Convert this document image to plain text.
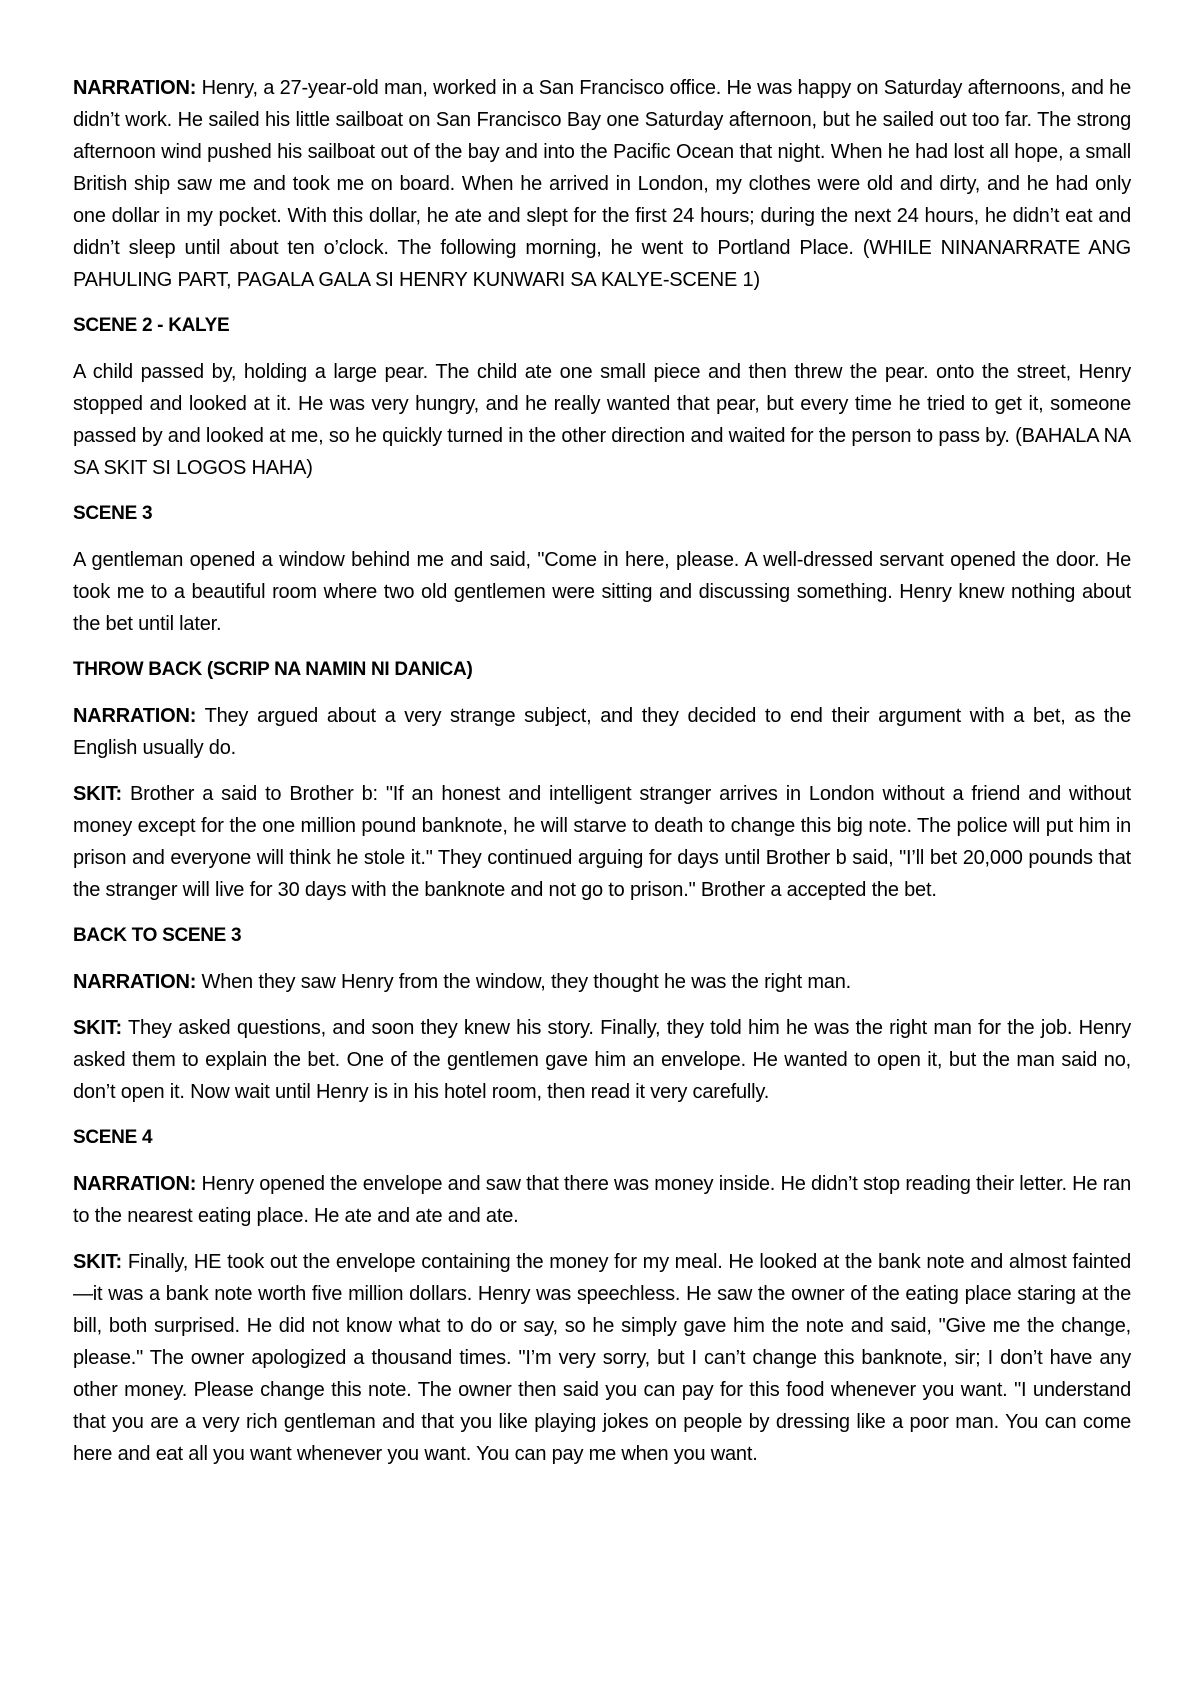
NARRATION: Henry, a 27-year-old man, worked in a San Francisco office. He was happy on Saturday afternoons, and he didn’t work. He sailed his little sailboat on San Francisco Bay one Saturday afternoon, but he sailed out too far. The strong afternoon wind pushed his sailboat out of the bay and into the Pacific Ocean that night. When he had lost all hope, a small British ship saw me and took me on board. When he arrived in London, my clothes were old and dirty, and he had only one dollar in my pocket. With this dollar, he ate and slept for the first 24 hours; during the next 24 hours, he didn’t eat and didn’t sleep until about ten o’clock. The following morning, he went to Portland Place. (WHILE NINANARRATE ANG PAHULING PART, PAGALA GALA SI HENRY KUNWARI SA KALYE-SCENE 1)

SCENE 2 - KALYE

A child passed by, holding a large pear. The child ate one small piece and then threw the pear. onto the street, Henry stopped and looked at it. He was very hungry, and he really wanted that pear, but every time he tried to get it, someone passed by and looked at me, so he quickly turned in the other direction and waited for the person to pass by. (BAHALA NA SA SKIT SI LOGOS HAHA)

SCENE 3

A gentleman opened a window behind me and said, "Come in here, please. A well-dressed servant opened the door. He took me to a beautiful room where two old gentlemen were sitting and discussing something. Henry knew nothing about the bet until later.

THROW BACK (SCRIP NA NAMIN NI DANICA)

NARRATION: They argued about a very strange subject, and they decided to end their argument with a bet, as the English usually do.

SKIT: Brother a said to Brother b: "If an honest and intelligent stranger arrives in London without a friend and without money except for the one million pound banknote, he will starve to death to change this big note. The police will put him in prison and everyone will think he stole it." They continued arguing for days until Brother b said, "I’ll bet 20,000 pounds that the stranger will live for 30 days with the banknote and not go to prison." Brother a accepted the bet.

BACK TO SCENE 3

NARRATION: When they saw Henry from the window, they thought he was the right man.

SKIT: They asked questions, and soon they knew his story. Finally, they told him he was the right man for the job. Henry asked them to explain the bet. One of the gentlemen gave him an envelope. He wanted to open it, but the man said no, don’t open it. Now wait until Henry is in his hotel room, then read it very carefully.

SCENE 4

NARRATION: Henry opened the envelope and saw that there was money inside. He didn’t stop reading their letter. He ran to the nearest eating place. He ate and ate and ate.

SKIT: Finally, HE took out the envelope containing the money for my meal. He looked at the bank note and almost fainted—it was a bank note worth five million dollars. Henry was speechless. He saw the owner of the eating place staring at the bill, both surprised. He did not know what to do or say, so he simply gave him the note and said, "Give me the change, please." The owner apologized a thousand times. "I’m very sorry, but I can’t change this banknote, sir; I don’t have any other money. Please change this note. The owner then said you can pay for this food whenever you want. "I understand that you are a very rich gentleman and that you like playing jokes on people by dressing like a poor man. You can come here and eat all you want whenever you want. You can pay me when you want.
